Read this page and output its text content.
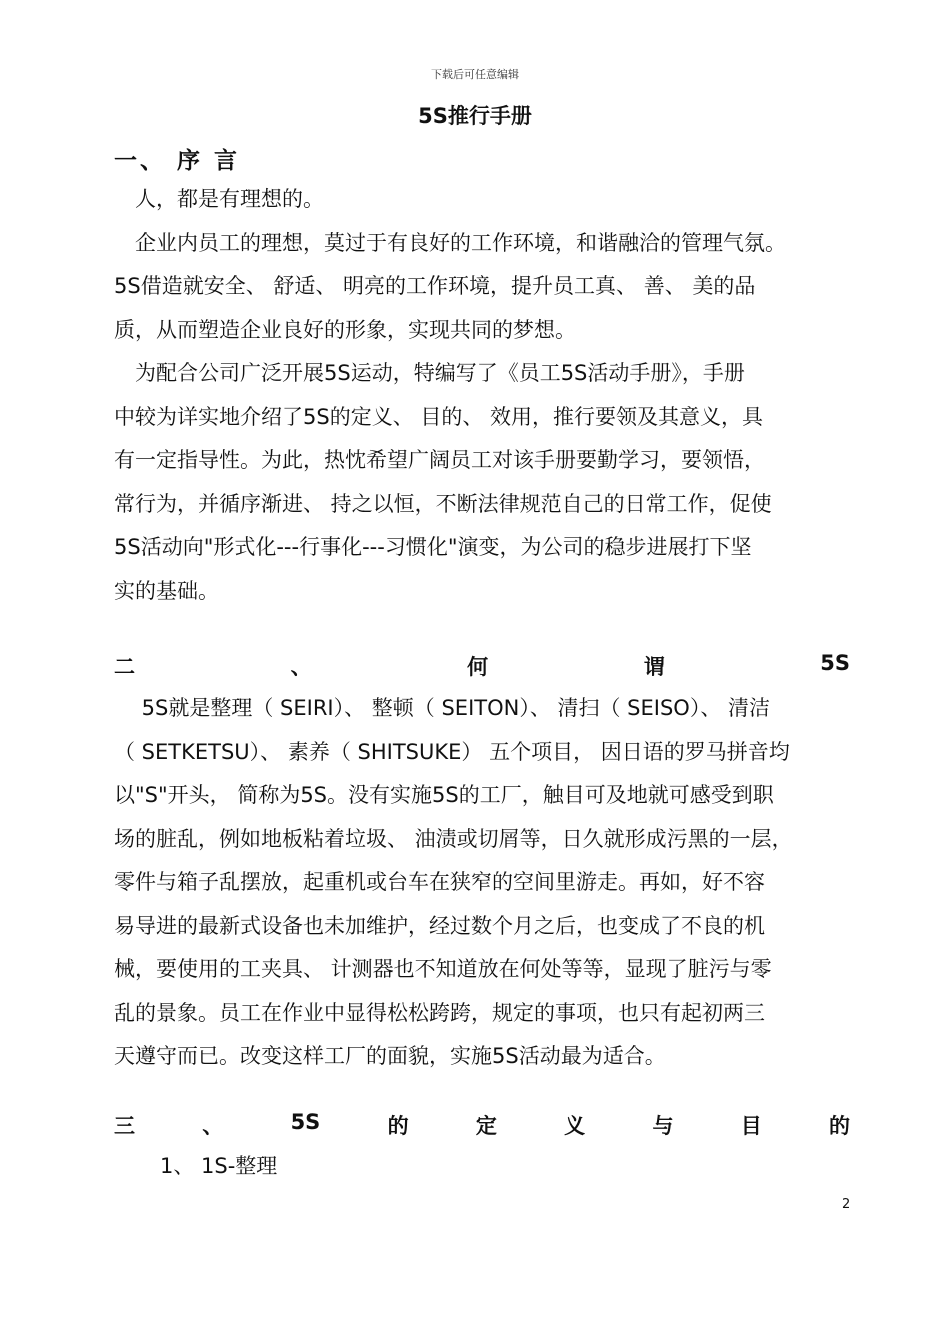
下载后可任意编辑
5S推行手册
一、 序 言
　人，都是有理想的。
　企业内员工的理想，莫过于有良好的工作环境，和谐融洽的管理气氛。
5S借造就安全、 舒适、 明亮的工作环境，提升员工真、 善、 美的品
质，从而塑造企业良好的形象，实现共同的梦想。
　为配合公司广泛开展5S运动，特编写了《员工5S活动手册》，手册
中较为详实地介绍了5S的定义、 目的、 效用，推行要领及其意义，具
有一定指导性。为此，热忱希望广阔员工对该手册要勤学习，要领悟，
常行为，并循序渐进、 持之以恒，不断法律规范自己的日常工作，促使
5S活动向"形式化---行事化---习惯化"演变，为公司的稳步进展打下坚
实的基础。
二	、	何	谓	5S
　 5S就是整理（ SEIRI）、 整顿（ SEITON）、 清扫（ SEISO）、 清洁
（ SETKETSU）、 素养（ SHITSUKE） 五个项目， 因日语的罗马拼音均
以"S"开头， 简称为5S。没有实施5S的工厂，触目可及地就可感受到职
场的脏乱，例如地板粘着垃圾、 油渍或切屑等，日久就形成污黑的一层，
零件与箱子乱摆放，起重机或台车在狭窄的空间里游走。再如，好不容
易导进的最新式设备也未加维护，经过数个月之后，也变成了不良的机
械，要使用的工夹具、 计测器也不知道放在何处等等，显现了脏污与零
乱的景象。员工在作业中显得松松跨跨，规定的事项，也只有起初两三
天遵守而已。改变这样工厂的面貌，实施5S活动最为适合。
三	、	5S	的	定	义	与	目	的
1、 1S-整理
2
